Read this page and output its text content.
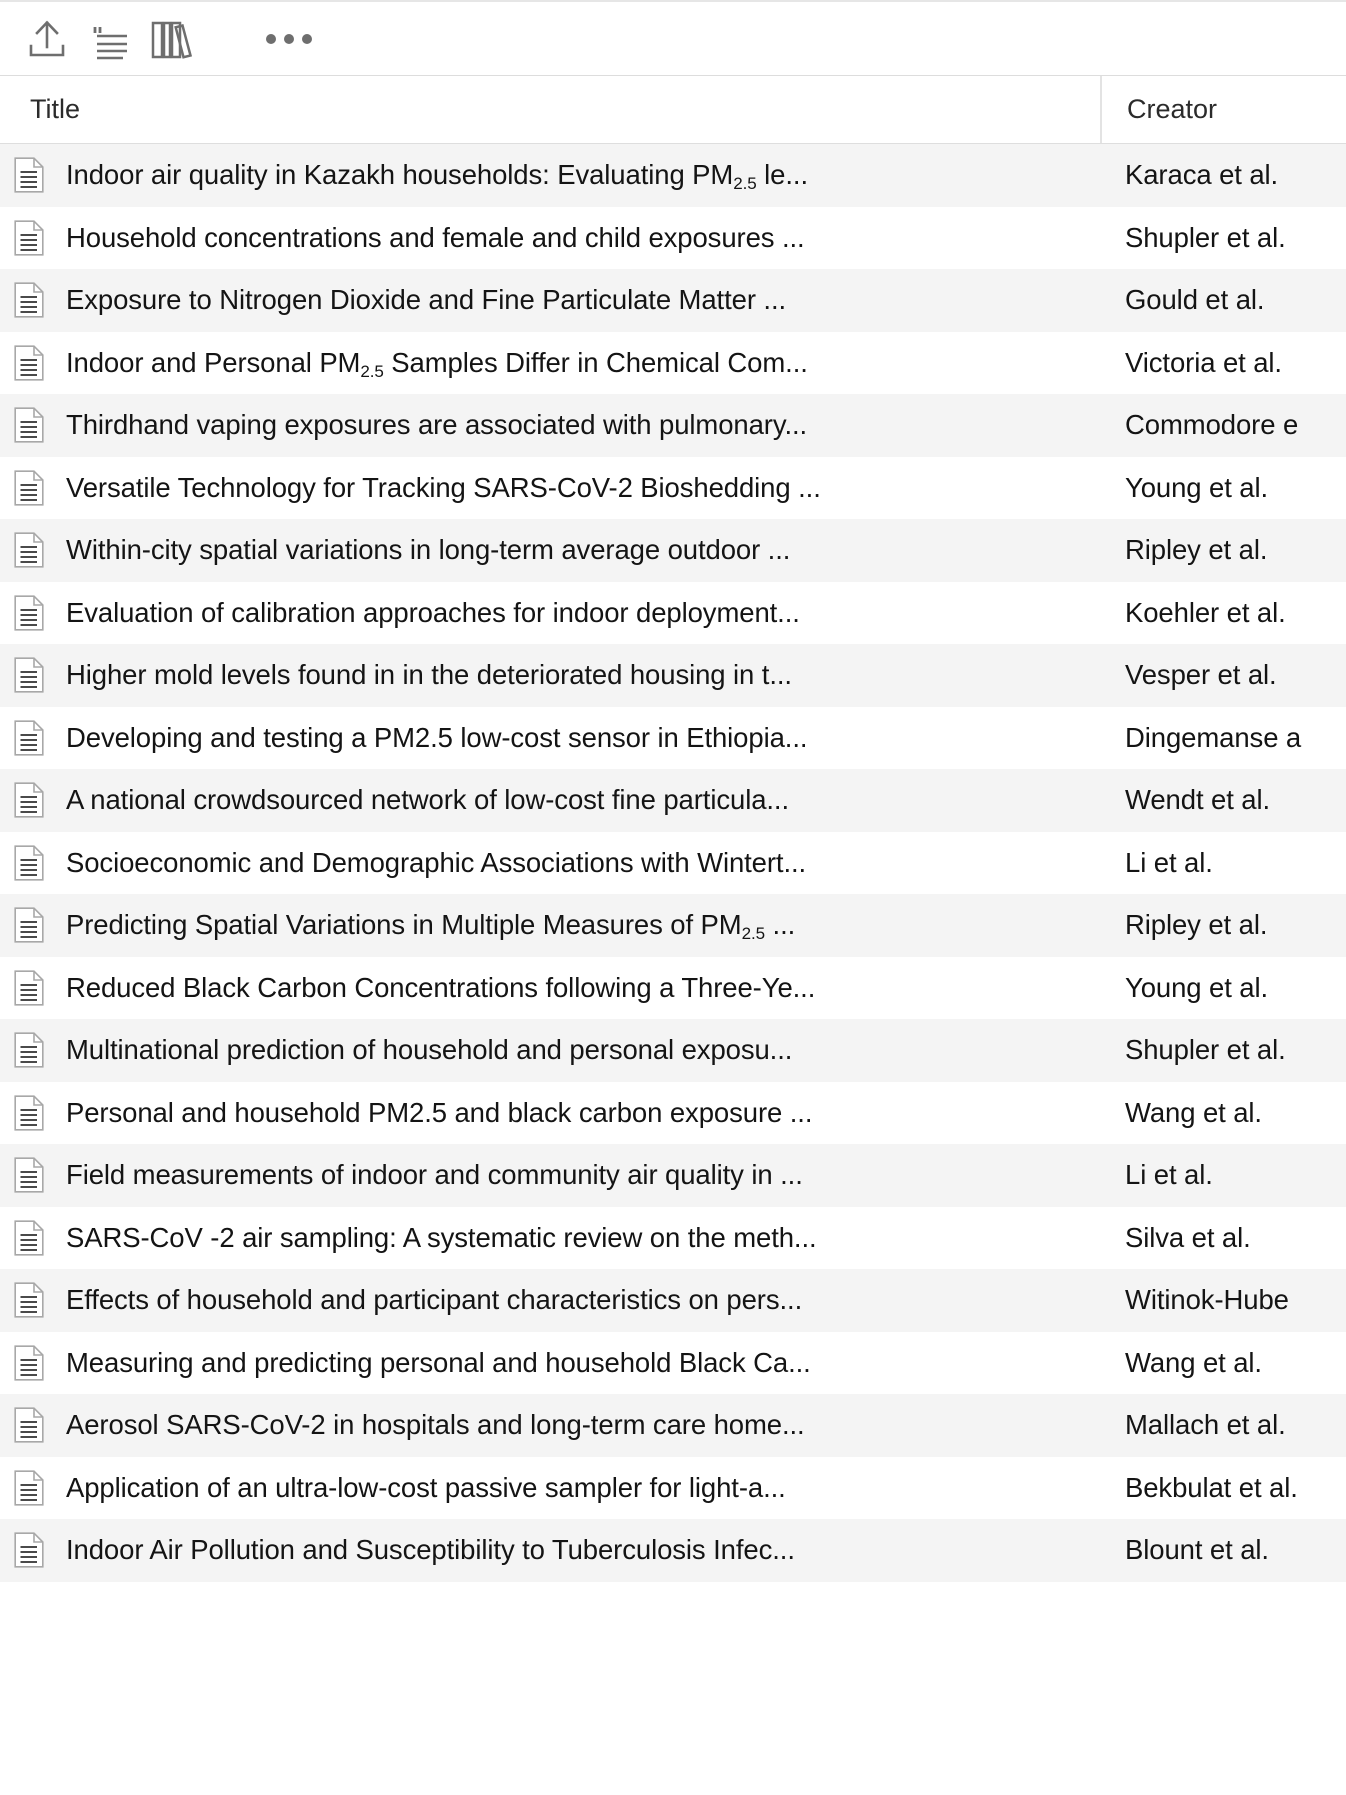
Title	Creator
Indoor air quality in Kazakh households: Evaluating $PM_{2.5}$ le...	Karaca et al.
Household concentrations and female and child exposures ...	Shupler et al.
Exposure to Nitrogen Dioxide and Fine Particulate Matter ...	Gould et al.
Indoor and Personal $PM_{2.5}$ Samples Differ in Chemical Com...	Victoria et al.
Thirdhand vaping exposures are associated with pulmonary...	Commodore e
Versatile Technology for Tracking SARS-CoV-2 Bioshedding ...	Young et al.
Within-city spatial variations in long-term average outdoor ...	Ripley et al.
Evaluation of calibration approaches for indoor deployment...	Koehler et al.
Higher mold levels found in in the deteriorated housing in t...	Vesper et al.
Developing and testing a PM2.5 low-cost sensor in Ethiopia...	Dingemanse a
A national crowdsourced network of low-cost fine particula...	Wendt et al.
Socioeconomic and Demographic Associations with Wintert...	Li et al.
Predicting Spatial Variations in Multiple Measures of $PM_{2.5}$ ...	Ripley et al.
Reduced Black Carbon Concentrations following a Three-Ye...	Young et al.
Multinational prediction of household and personal exposu...	Shupler et al.
Personal and household PM2.5 and black carbon exposure ...	Wang et al.
Field measurements of indoor and community air quality in ...	Li et al.
SARS-CoV -2 air sampling: A systematic review on the meth...	Silva et al.
Effects of household and participant characteristics on pers...	Witinok-Hube
Measuring and predicting personal and household Black Ca...	Wang et al.
Aerosol SARS-CoV-2 in hospitals and long-term care home...	Mallach et al.
Application of an ultra-low-cost passive sampler for light-a...	Bekbulat et al.
Indoor Air Pollution and Susceptibility to Tuberculosis Infec...	Blount et al.
